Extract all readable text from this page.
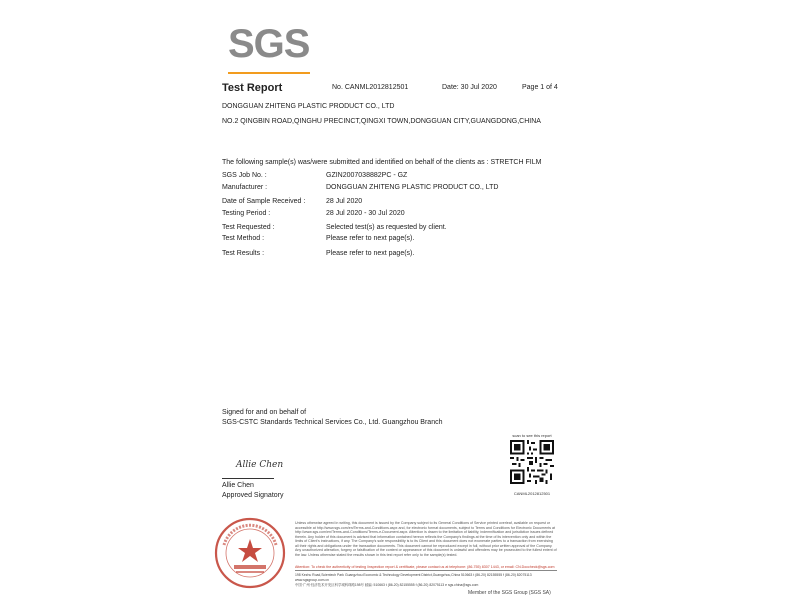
SGS
Test Report	No. CANML2012812501	Date: 30 Jul 2020	Page 1 of 4
DONGGUAN ZHITENG PLASTIC PRODUCT CO., LTD
NO.2 QINGBIN ROAD,QINGHU PRECINCT,QINGXI TOWN,DONGGUAN CITY,GUANGDONG,CHINA
The following sample(s) was/were submitted and identified on behalf of the clients as : STRETCH FILM
SGS Job No. :	GZIN2007038882PC - GZ
Manufacturer :	DONGGUAN ZHITENG PLASTIC PRODUCT CO., LTD
Date of Sample Received :	28 Jul 2020
Testing Period :	28 Jul 2020 - 30 Jul 2020
Test Requested :	Selected test(s) as requested by client.
Test Method :	Please refer to next page(s).
Test Results :	Please refer to next page(s).
Signed for and on behalf of
SGS-CSTC Standards Technical Services Co., Ltd. Guangzhou Branch
scan to see this report
CANML2012812501
Allie Chen
Allie Chen
Approved Signatory
Unless otherwise agreed in writing, this document is issued by the Company subject to its General Conditions of Service printed overleaf, available on request or accessible at http://www.sgs.com/en/Terms-and-Conditions.aspx and, for electronic format documents, subject to Terms and Conditions for Electronic Documents at http://www.sgs.com/en/Terms-and-Conditions/Terms-e-Document.aspx. Attention is drawn to the limitation of liability, indemnification and jurisdiction issues defined therein. Any holder of this document is advised that information contained hereon reflects the Company's findings at the time of its intervention only and within the limits of Client's instructions, if any. The Company's sole responsibility is to its Client and this document does not exonerate parties to a transaction from exercising all their rights and obligations under the transaction documents. This document cannot be reproduced except in full, without prior written approval of the Company. Any unauthorized alteration, forgery or falsification of the content or appearance of this document is unlawful and offenders may be prosecuted to the fullest extent of the law. Unless otherwise stated the results shown in this test report refer only to the sample(s) tested.
Attention: To check the authenticity of testing /inspection report & certificate, please contact us at telephone: (86-755) 8307 1443, or email: CN.Doccheck@sgs.com
198 Kezhu Road,Scientech Park Guangzhou Economic & Technology Development District,Guangzhou,China 510663 t (86-20) 82155555 f (86-20) 82075113 www.sgsgroup.com.cn
中国·广州·经济技术开发区科学城科珠路198号 邮编: 510663 t (86-20) 82155555 f (86-20) 82075113 e sgs.china@sgs.com
Member of the SGS Group (SGS SA)
